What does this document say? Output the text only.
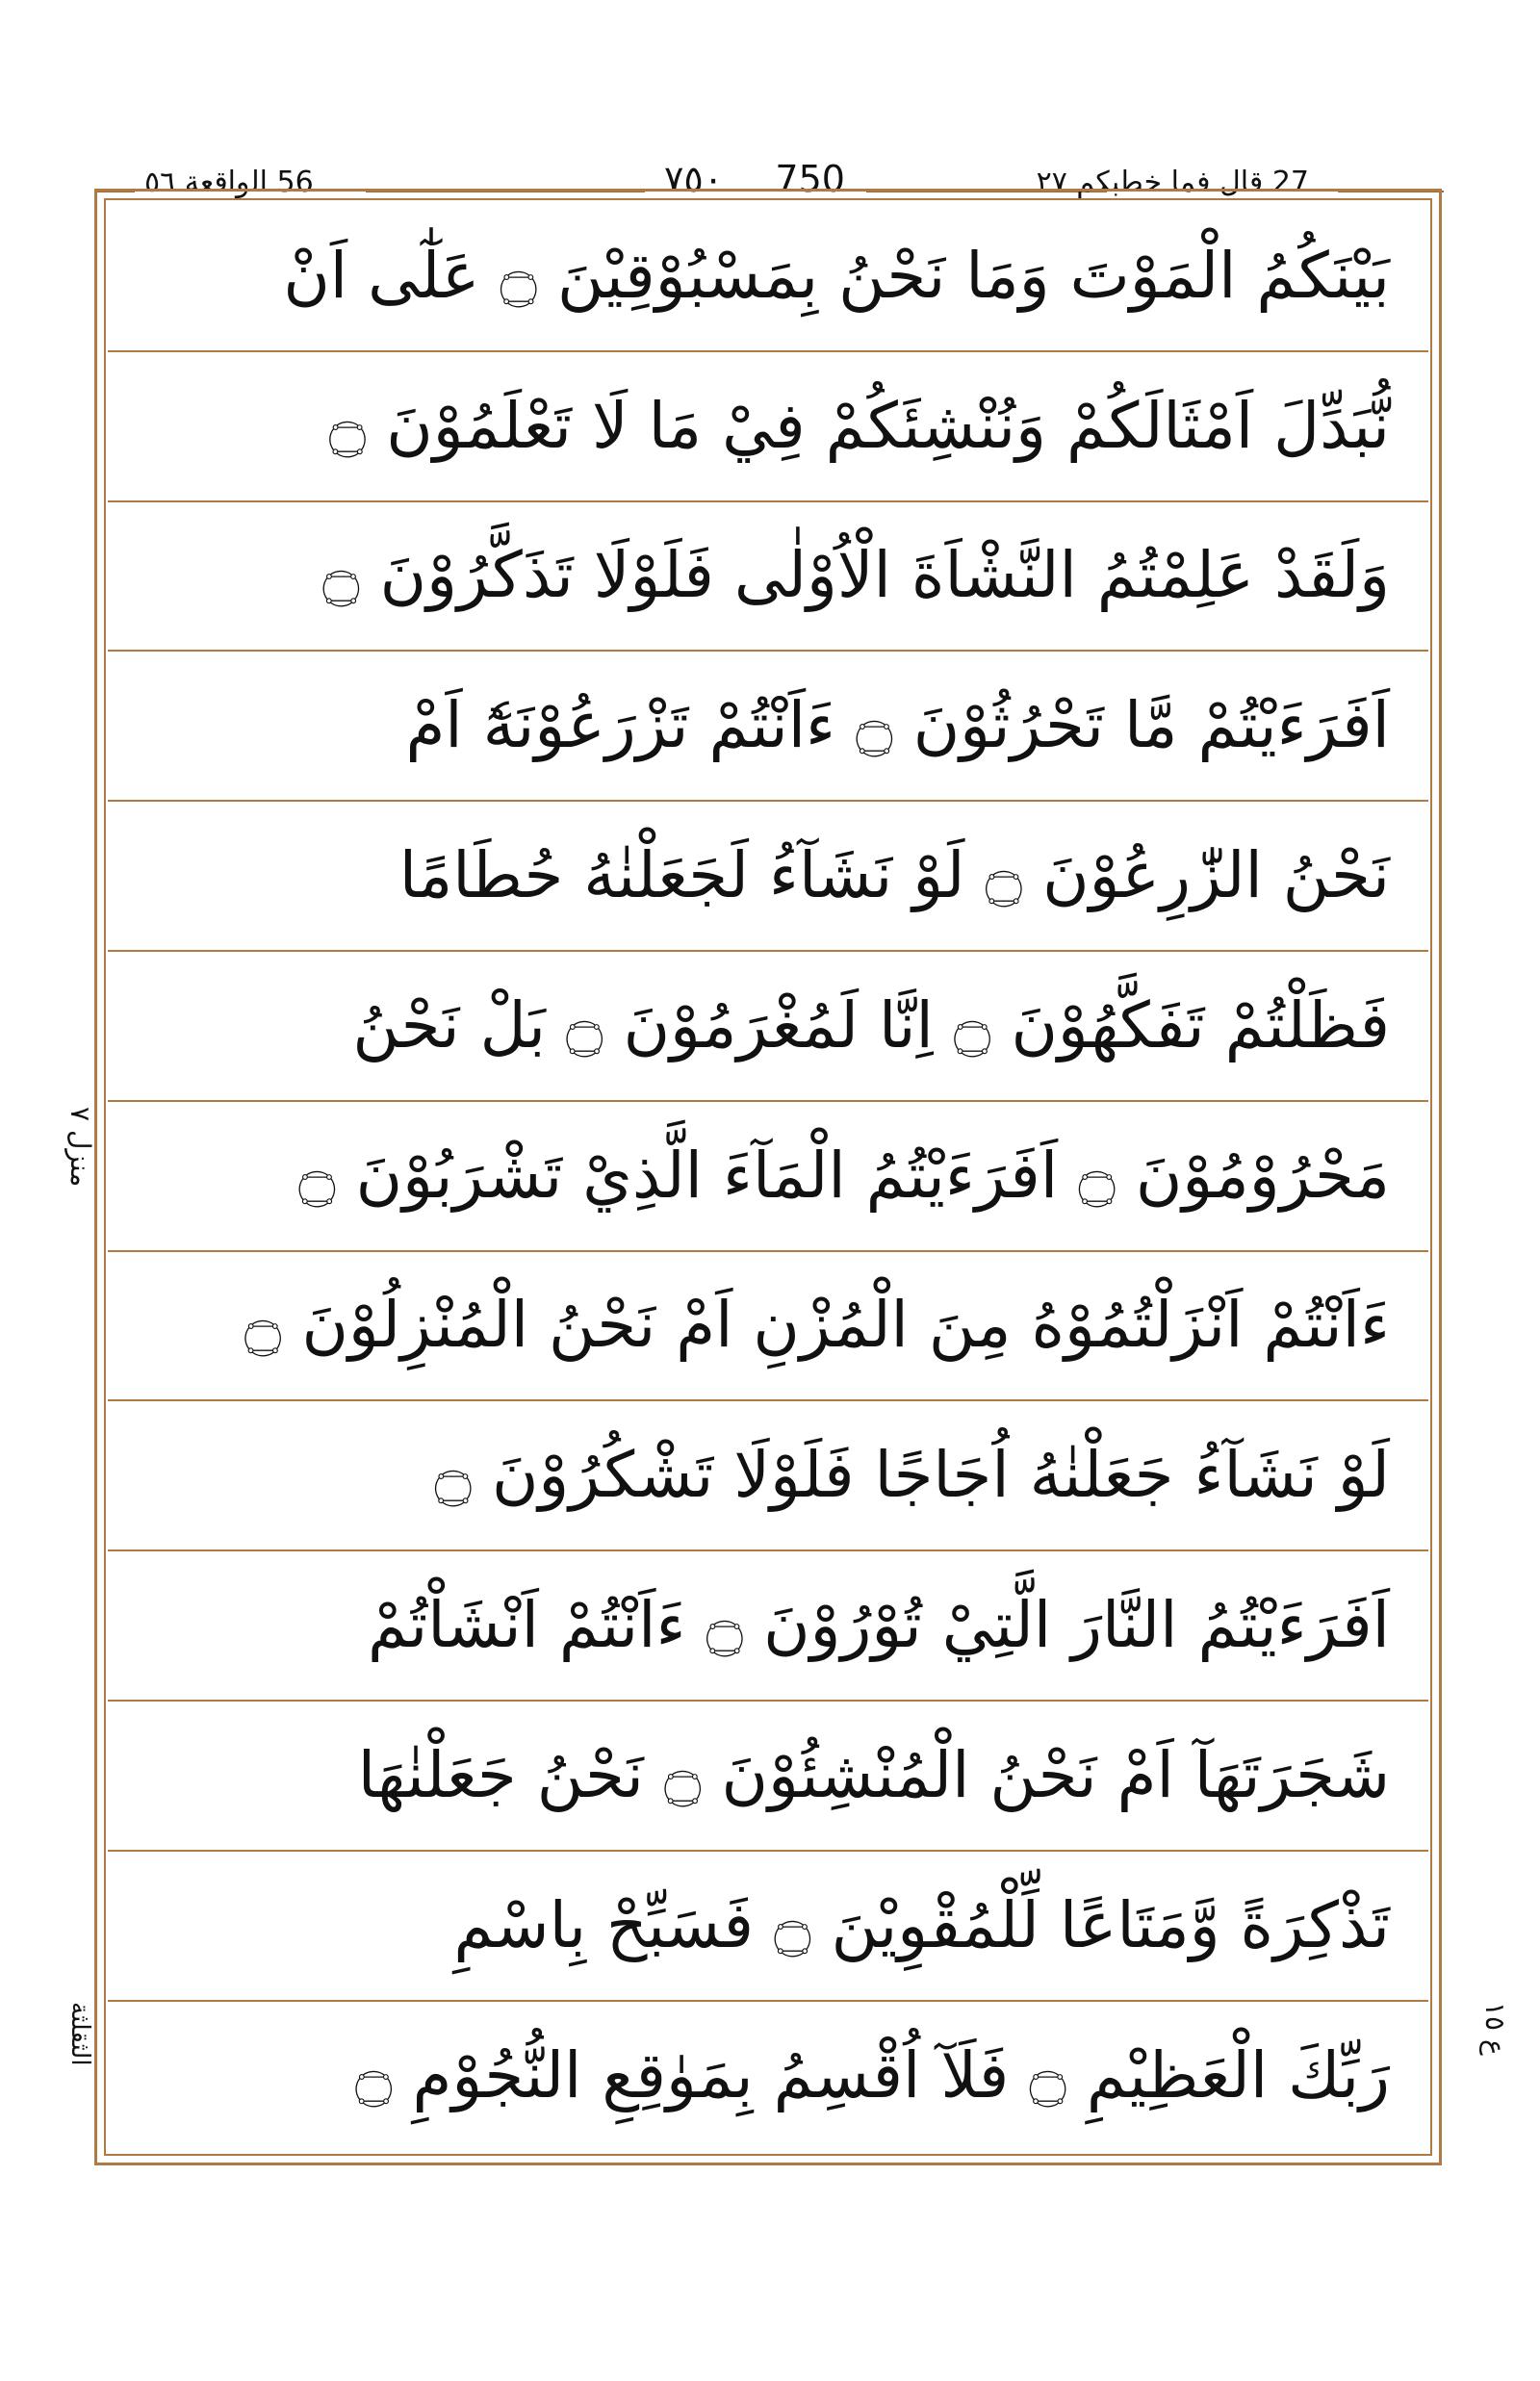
56 الواقعة ٥٦	٧٥٠ 750	27 قال فما خطبكم ٢٧
بَيْنَكُمُ الْمَوْتَ وَمَا نَحْنُ بِمَسْبُوْقِيْنَ ۝ عَلٰٓى اَنْ
نُّبَدِّلَ اَمْثَالَكُمْ وَنُنْشِئَكُمْ فِيْ مَا لَا تَعْلَمُوْنَ ۝
وَلَقَدْ عَلِمْتُمُ النَّشْاَةَ الْاُوْلٰى فَلَوْلَا تَذَكَّرُوْنَ ۝
اَفَرَءَيْتُمْ مَّا تَحْرُثُوْنَ ۝ ءَاَنْتُمْ تَزْرَعُوْنَهٗٓ اَمْ
نَحْنُ الزّٰرِعُوْنَ ۝ لَوْ نَشَآءُ لَجَعَلْنٰهُ حُطَامًا
فَظَلْتُمْ تَفَكَّهُوْنَ ۝ اِنَّا لَمُغْرَمُوْنَ ۝ بَلْ نَحْنُ
مَحْرُوْمُوْنَ ۝ اَفَرَءَيْتُمُ الْمَآءَ الَّذِيْ تَشْرَبُوْنَ ۝
ءَاَنْتُمْ اَنْزَلْتُمُوْهُ مِنَ الْمُزْنِ اَمْ نَحْنُ الْمُنْزِلُوْنَ ۝
لَوْ نَشَآءُ جَعَلْنٰهُ اُجَاجًا فَلَوْلَا تَشْكُرُوْنَ ۝
اَفَرَءَيْتُمُ النَّارَ الَّتِيْ تُوْرُوْنَ ۝ ءَاَنْتُمْ اَنْشَاْتُمْ
شَجَرَتَهَآ اَمْ نَحْنُ الْمُنْشِئُوْنَ ۝ نَحْنُ جَعَلْنٰهَا
تَذْكِرَةً وَّمَتَاعًا لِّلْمُقْوِيْنَ ۝ فَسَبِّحْ بِاسْمِ
رَبِّكَ الْعَظِيْمِ ۝ فَلَآ اُقْسِمُ بِمَوٰقِعِ النُّجُوْمِ ۝
منزل ٧
الثقلثة	ع ١٥
